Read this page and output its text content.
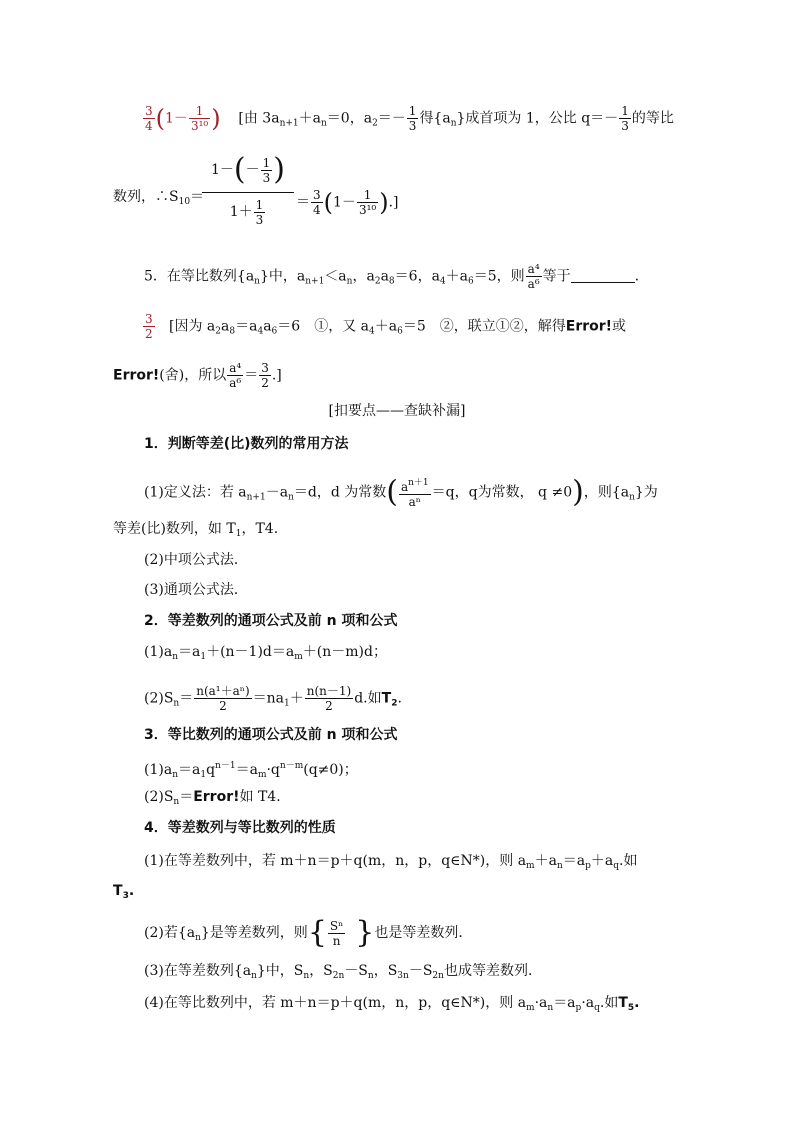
$\frac{3}{4} (1- \frac{1}{\text{3¹⁰}}$ ) [由 $3a_{n+1}+a_n=0$，$a_2=- \frac{1}{3}$ 得$\{a_n\}$成首项为 1，公比 $q=- \frac{1}{3}$ 的等比
数列，$\therefore S_{10}=$
$1-(- \frac{1}{3}$ )
$1+ \frac{1}{3} = \frac{3}{4} (1- \frac{1}{\text{3¹⁰}}$ ).]
5．在等比数列$\{a_n\}$中，$a_{n+1}<a_n$，$a_2a_8=6$，$a_4+a_6=5$，则 $\frac{\text{a⁴}}{\text{a⁶}}$ 等于	.
$\frac{3}{2}$ [因为 $a_2a_8=a_4a_6=6$　①，又 $a_4+a_6=5$　②，联立①②，解得Error!或
Error!(舍)，所以 $\frac{\text{a⁴}}{\text{a⁶}} = \frac{3}{2}$ .]
[扣要点——查缺补漏]
1．判断等差(比)数列的常用方法
(1)定义法：若 $a_{n+1}-a_n=d$，d 为常数( $\frac{a^{n+1}}{\text{aⁿ}} =q$，q为常数， q ≠0)，则$\{a_n\}$为
等差(比)数列，如 $T_1$，T4.
(2)中项公式法．
(3)通项公式法．
2．等差数列的通项公式及前 n 项和公式
$(1)a_n=a_1+(n-1)d=a_m+(n-m)d$；
$(2)S_n= \frac{\text{n(a¹＋aⁿ)}}{2} =na_1+ \frac{n(n-1)}{2} d$.如$T_2$.
3．等比数列的通项公式及前 n 项和公式
$(1)a_n=a_1q^{n-1}=a_m\cdot q^{n-m}(q\ne 0)$；
$(2)S_n=Error$!如 T4.
4．等差数列与等比数列的性质
(1)在等差数列中，若 m＋n＝p＋q(m，n，p，q∈N*)，则 $a_m+a_n=a_p+a_q$.如
$T_3$.
(2)若$\{a_n\}$是等差数列，则{ $\frac{\text{Sⁿ}}{n}$ }也是等差数列．
(3)在等差数列$\{a_n\}$中，$S_n$，$S_{2n}-S_n$，$S_{3n}-S_{2n}$也成等差数列．
(4)在等比数列中，若 m＋n＝p＋q(m，n，p，q∈N*)，则 $a_m\cdot a_n=a_p\cdot a_q$.如$T_5$.
